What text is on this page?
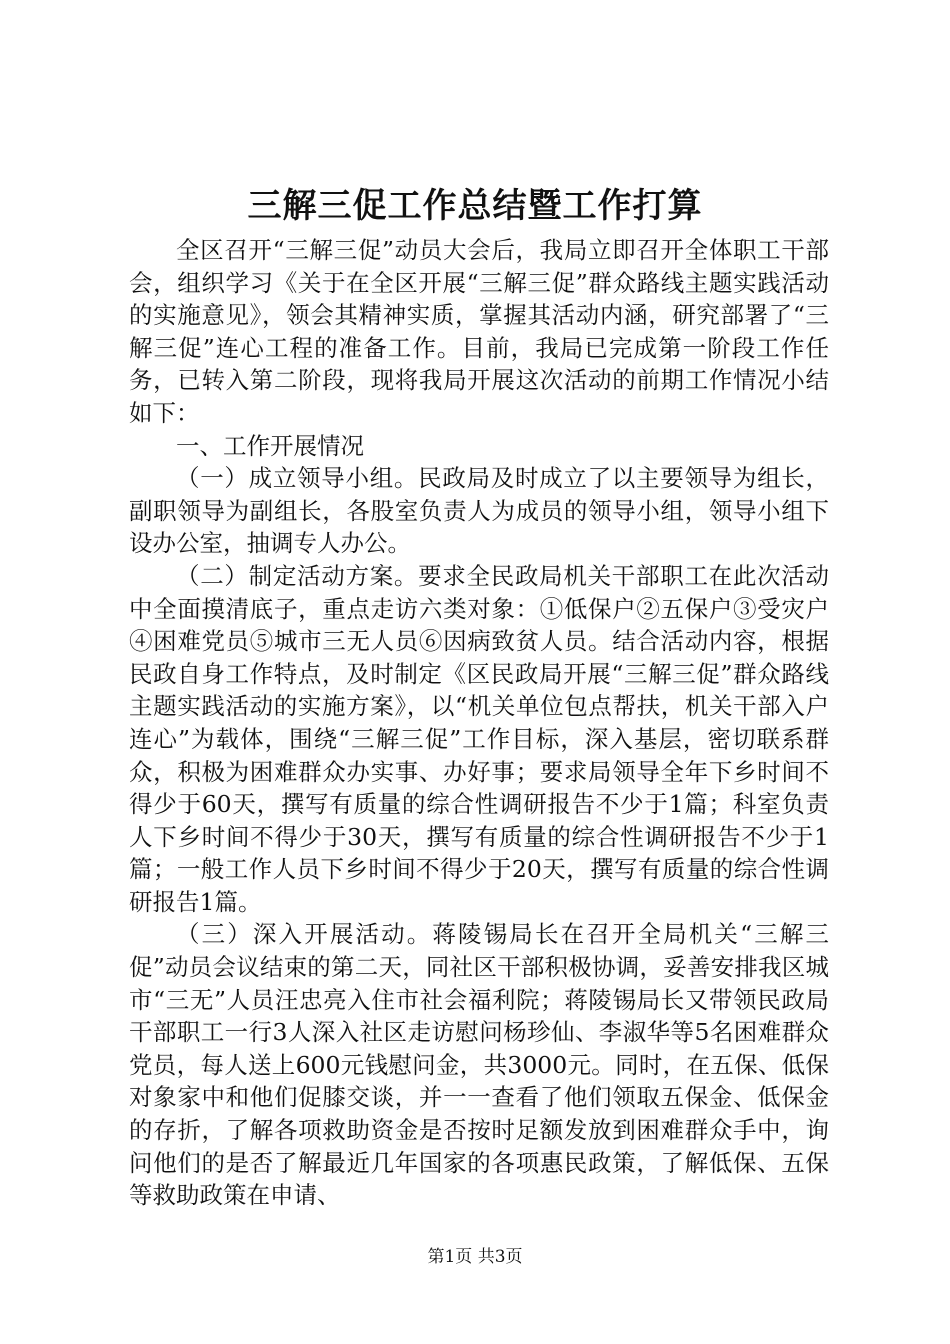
三解三促工作总结暨工作打算

全区召开“三解三促”动员大会后，我局立即召开全体职工干部会，组织学习《关于在全区开展“三解三促”群众路线主题实践活动的实施意见》，领会其精神实质，掌握其活动内涵，研究部署了“三解三促”连心工程的准备工作。目前，我局已完成第一阶段工作任务，已转入第二阶段，现将我局开展这次活动的前期工作情况小结如下：

一、工作开展情况

（一）成立领导小组。民政局及时成立了以主要领导为组长，副职领导为副组长，各股室负责人为成员的领导小组，领导小组下设办公室，抽调专人办公。

（二）制定活动方案。要求全民政局机关干部职工在此次活动中全面摸清底子，重点走访六类对象：①低保户②五保户③受灾户④困难党员⑤城市三无人员⑥因病致贫人员。结合活动内容，根据民政自身工作特点，及时制定《区民政局开展“三解三促”群众路线主题实践活动的实施方案》，以“机关单位包点帮扶，机关干部入户连心”为载体，围绕“三解三促”工作目标，深入基层，密切联系群众，积极为困难群众办实事、办好事；要求局领导全年下乡时间不得少于60天，撰写有质量的综合性调研报告不少于1篇；科室负责人下乡时间不得少于30天，撰写有质量的综合性调研报告不少于1篇；一般工作人员下乡时间不得少于20天，撰写有质量的综合性调研报告1篇。

（三）深入开展活动。蒋陵锡局长在召开全局机关“三解三促”动员会议结束的第二天，同社区干部积极协调，妥善安排我区城市“三无”人员汪忠亮入住市社会福利院；蒋陵锡局长又带领民政局干部职工一行3人深入社区走访慰问杨珍仙、李淑华等5名困难群众党员，每人送上600元钱慰问金，共3000元。同时，在五保、低保对象家中和他们促膝交谈，并一一查看了他们领取五保金、低保金的存折，了解各项救助资金是否按时足额发放到困难群众手中，询问他们的是否了解最近几年国家的各项惠民政策，了解低保、五保等救助政策在申请、

第1页 共3页
